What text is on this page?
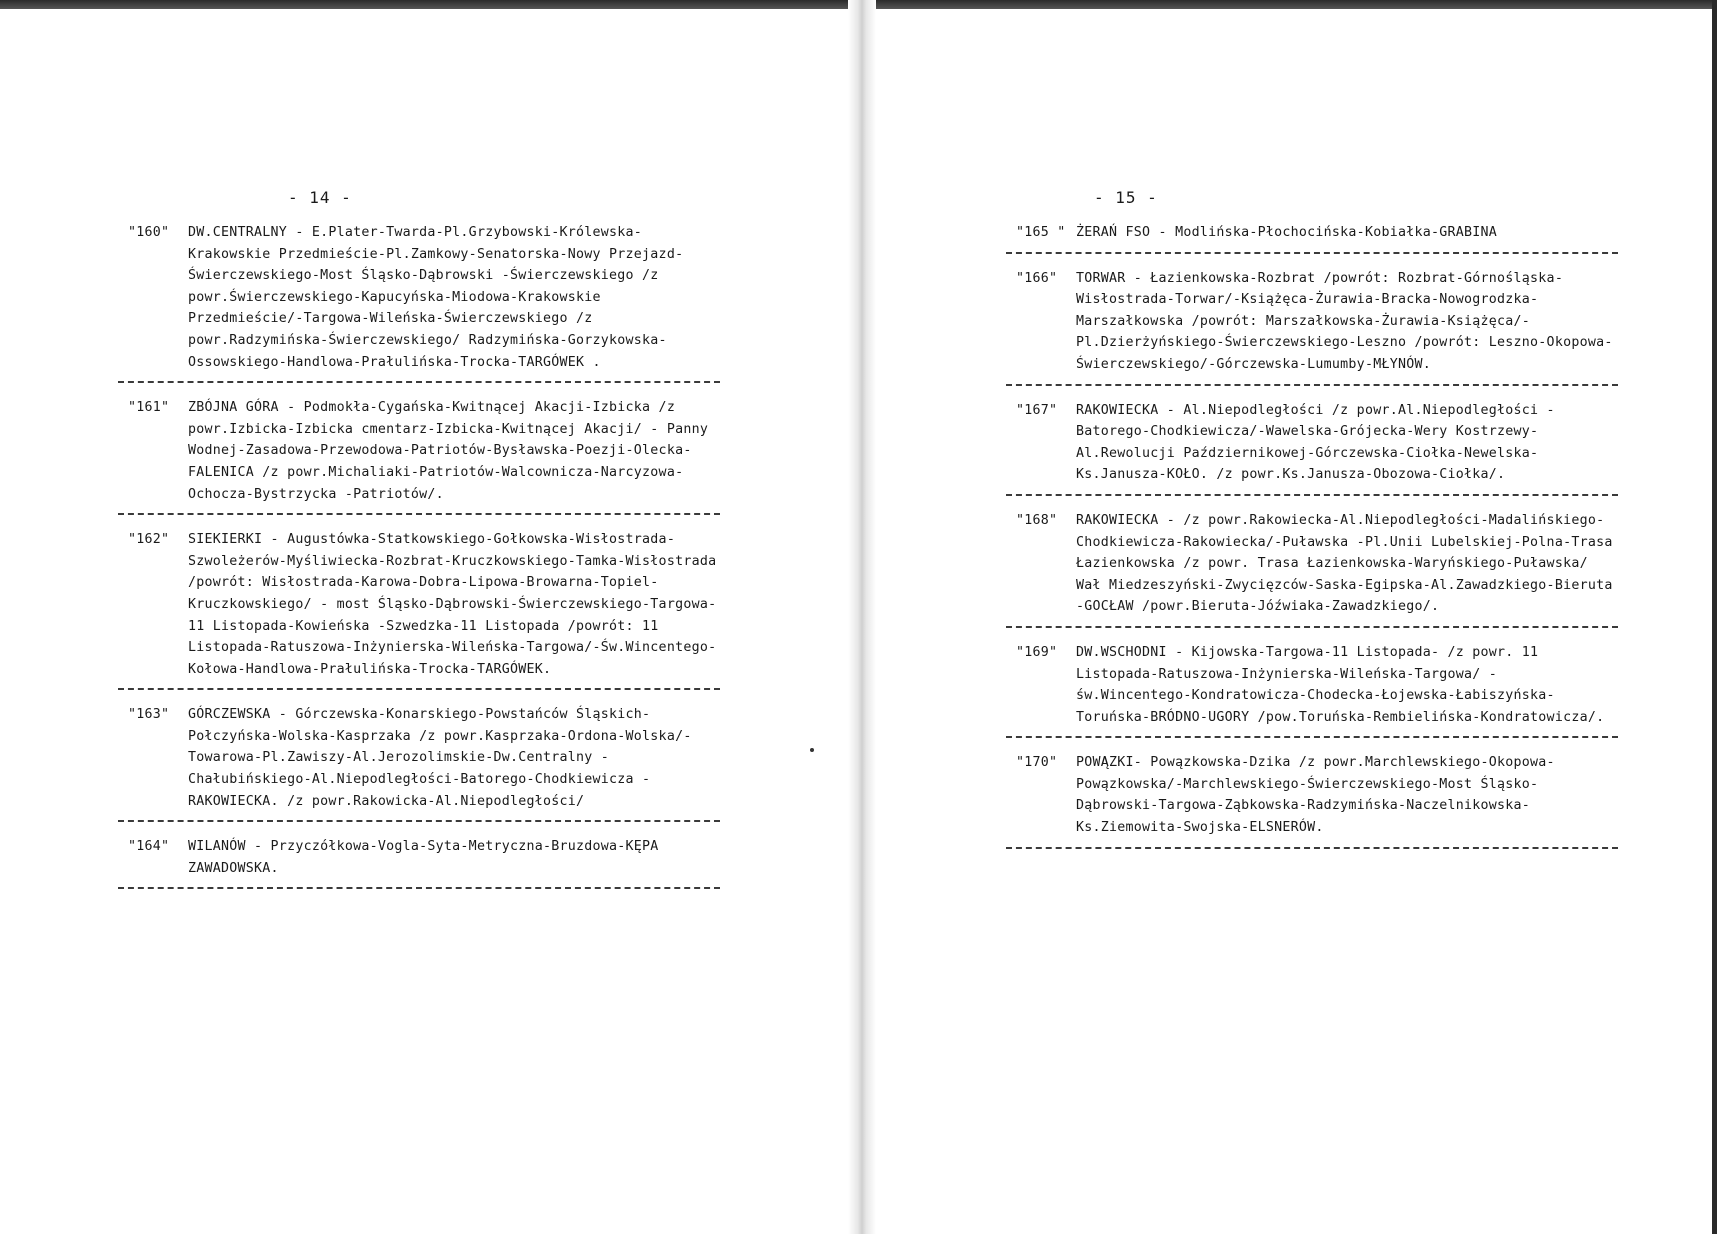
- 14 -
"160"	DW.CENTRALNY - E.Plater-Twarda-Pl.Grzybowski-Królewska-Krakowskie Przedmieście-Pl.Zamkowy-Senatorska-Nowy Przejazd-Świerczewskiego-Most Śląsko-Dąbrowski -Świerczewskiego /z powr.Świerczewskiego-Kapucyńska-Miodowa-Krakowskie Przedmieście/-Targowa-Wileńska-Świerczewskiego /z powr.Radzymińska-Świerczewskiego/ Radzymińska-Gorzykowska-Ossowskiego-Handlowa-Prałulińska-Trocka-TARGÓWEK .
"161"	ZBÓJNA GÓRA - Podmokła-Cygańska-Kwitnącej Akacji-Izbicka /z powr.Izbicka-Izbicka cmentarz-Izbicka-Kwitnącej Akacji/ - Panny Wodnej-Zasadowa-Przewodowa-Patriotów-Bysławska-Poezji-Olecka-FALENICA /z powr.Michaliaki-Patriotów-Walcownicza-Narcyzowa-Ochocza-Bystrzycka -Patriotów/.
"162"	SIEKIERKI - Augustówka-Statkowskiego-Gołkowska-Wisłostrada-Szwoleżerów-Myśliwiecka-Rozbrat-Kruczkowskiego-Tamka-Wisłostrada /powrót: Wisłostrada-Karowa-Dobra-Lipowa-Browarna-Topiel-Kruczkowskiego/ - most Śląsko-Dąbrowski-Świerczewskiego-Targowa-11 Listopada-Kowieńska -Szwedzka-11 Listopada /powrót: 11 Listopada-Ratuszowa-Inżynierska-Wileńska-Targowa/-Św.Wincentego-Kołowa-Handlowa-Prałulińska-Trocka-TARGÓWEK.
"163"	GÓRCZEWSKA - Górczewska-Konarskiego-Powstańców Śląskich-Połczyńska-Wolska-Kasprzaka /z powr.Kasprzaka-Ordona-Wolska/-Towarowa-Pl.Zawiszy-Al.Jerozolimskie-Dw.Centralny -Chałubińskiego-Al.Niepodległości-Batorego-Chodkiewicza -RAKOWIECKA. /z powr.Rakowicka-Al.Niepodległości/
"164"	WILANÓW - Przyczółkowa-Vogla-Syta-Metryczna-Bruzdowa-KĘPA ZAWADOWSKA.
- 15 -
"165 " ŻERAŃ FSO - Modlińska-Płochocińska-Kobiałka-GRABINA
"166"	TORWAR - Łazienkowska-Rozbrat /powrót: Rozbrat-Górnośląska-Wisłostrada-Torwar/-Książęca-Żurawia-Bracka-Nowogrodzka-Marszałkowska /powrót: Marszałkowska-Żurawia-Książęca/-Pl.Dzierżyńskiego-Świerczewskiego-Leszno /powrót: Leszno-Okopowa-Świerczewskiego/-Górczewska-Lumumby-MŁYNÓW.
"167"	RAKOWIECKA - Al.Niepodległości /z powr.Al.Niepodległości -Batorego-Chodkiewicza/-Wawelska-Grójecka-Wery Kostrzewy-Al.Rewolucji Październikowej-Górczewska-Ciołka-Newelska-Ks.Janusza-KOŁO. /z powr.Ks.Janusza-Obozowa-Ciołka/.
"168"	RAKOWIECKA - /z powr.Rakowiecka-Al.Niepodległości-Madalińskiego-Chodkiewicza-Rakowiecka/-Puławska -Pl.Unii Lubelskiej-Polna-Trasa Łazienkowska /z powr. Trasa Łazienkowska-Waryńskiego-Puławska/ Wał Miedzeszyński-Zwycięzców-Saska-Egipska-Al.Zawadzkiego-Bieruta -GOCŁAW /powr.Bieruta-Jóźwiaka-Zawadzkiego/.
"169"	DW.WSCHODNI - Kijowska-Targowa-11 Listopada- /z powr. 11 Listopada-Ratuszowa-Inżynierska-Wileńska-Targowa/ - św.Wincentego-Kondratowicza-Chodecka-Łojewska-Łabiszyńska-Toruńska-BRÓDNO-UGORY /pow.Toruńska-Rembielińska-Kondratowicza/.
"170"	POWĄZKI- Powązkowska-Dzika /z powr.Marchlewskiego-Okopowa-Powązkowska/-Marchlewskiego-Świerczewskiego-Most Śląsko-Dąbrowski-Targowa-Ząbkowska-Radzymińska-Naczelnikowska-Ks.Ziemowita-Swojska-ELSNERÓW.
